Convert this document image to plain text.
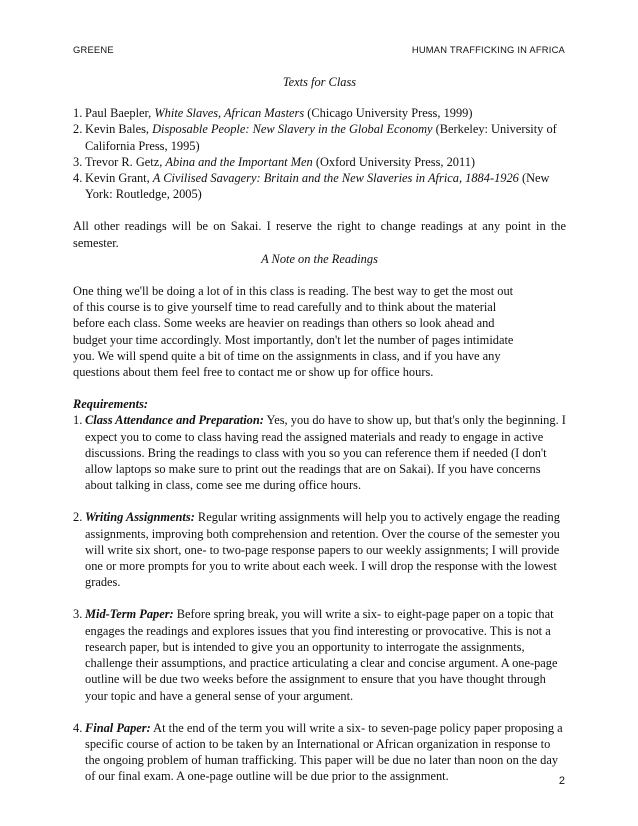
GREENE	HUMAN TRAFFICKING IN AFRICA

Texts for Class

1. Paul Baepler, White Slaves, African Masters (Chicago University Press, 1999)

2. Kevin Bales, Disposable People: New Slavery in the Global Economy (Berkeley: University of California Press, 1995)

3. Trevor R. Getz, Abina and the Important Men (Oxford University Press, 2011)

4. Kevin Grant, A Civilised Savagery: Britain and the New Slaveries in Africa, 1884-1926 (New York: Routledge, 2005)

All other readings will be on Sakai. I reserve the right to change readings at any point in the semester.

A Note on the Readings

One thing we'll be doing a lot of in this class is reading. The best way to get the most out
of this course is to give yourself time to read carefully and to think about the material
before each class. Some weeks are heavier on readings than others so look ahead and
budget your time accordingly. Most importantly, don't let the number of pages intimidate
you. We will spend quite a bit of time on the assignments in class, and if you have any
questions about them feel free to contact me or show up for office hours.

Requirements:

1. Class Attendance and Preparation: Yes, you do have to show up, but that's only the beginning. I expect you to come to class having read the assigned materials and ready to engage in active discussions. Bring the readings to class with you so you can reference them if needed (I don't allow laptops so make sure to print out the readings that are on Sakai). If you have concerns about talking in class, come see me during office hours.

2. Writing Assignments: Regular writing assignments will help you to actively engage the reading assignments, improving both comprehension and retention. Over the course of the semester you will write six short, one- to two-page response papers to our weekly assignments; I will provide one or more prompts for you to write about each week. I will drop the response with the lowest grades.

3. Mid-Term Paper: Before spring break, you will write a six- to eight-page paper on a topic that engages the readings and explores issues that you find interesting or provocative. This is not a research paper, but is intended to give you an opportunity to interrogate the assignments, challenge their assumptions, and practice articulating a clear and concise argument. A one-page outline will be due two weeks before the assignment to ensure that you have thought through your topic and have a general sense of your argument.

4. Final Paper: At the end of the term you will write a six- to seven-page policy paper proposing a specific course of action to be taken by an International or African organization in response to the ongoing problem of human trafficking. This paper will be due no later than noon on the day of our final exam. A one-page outline will be due prior to the assignment.	2
